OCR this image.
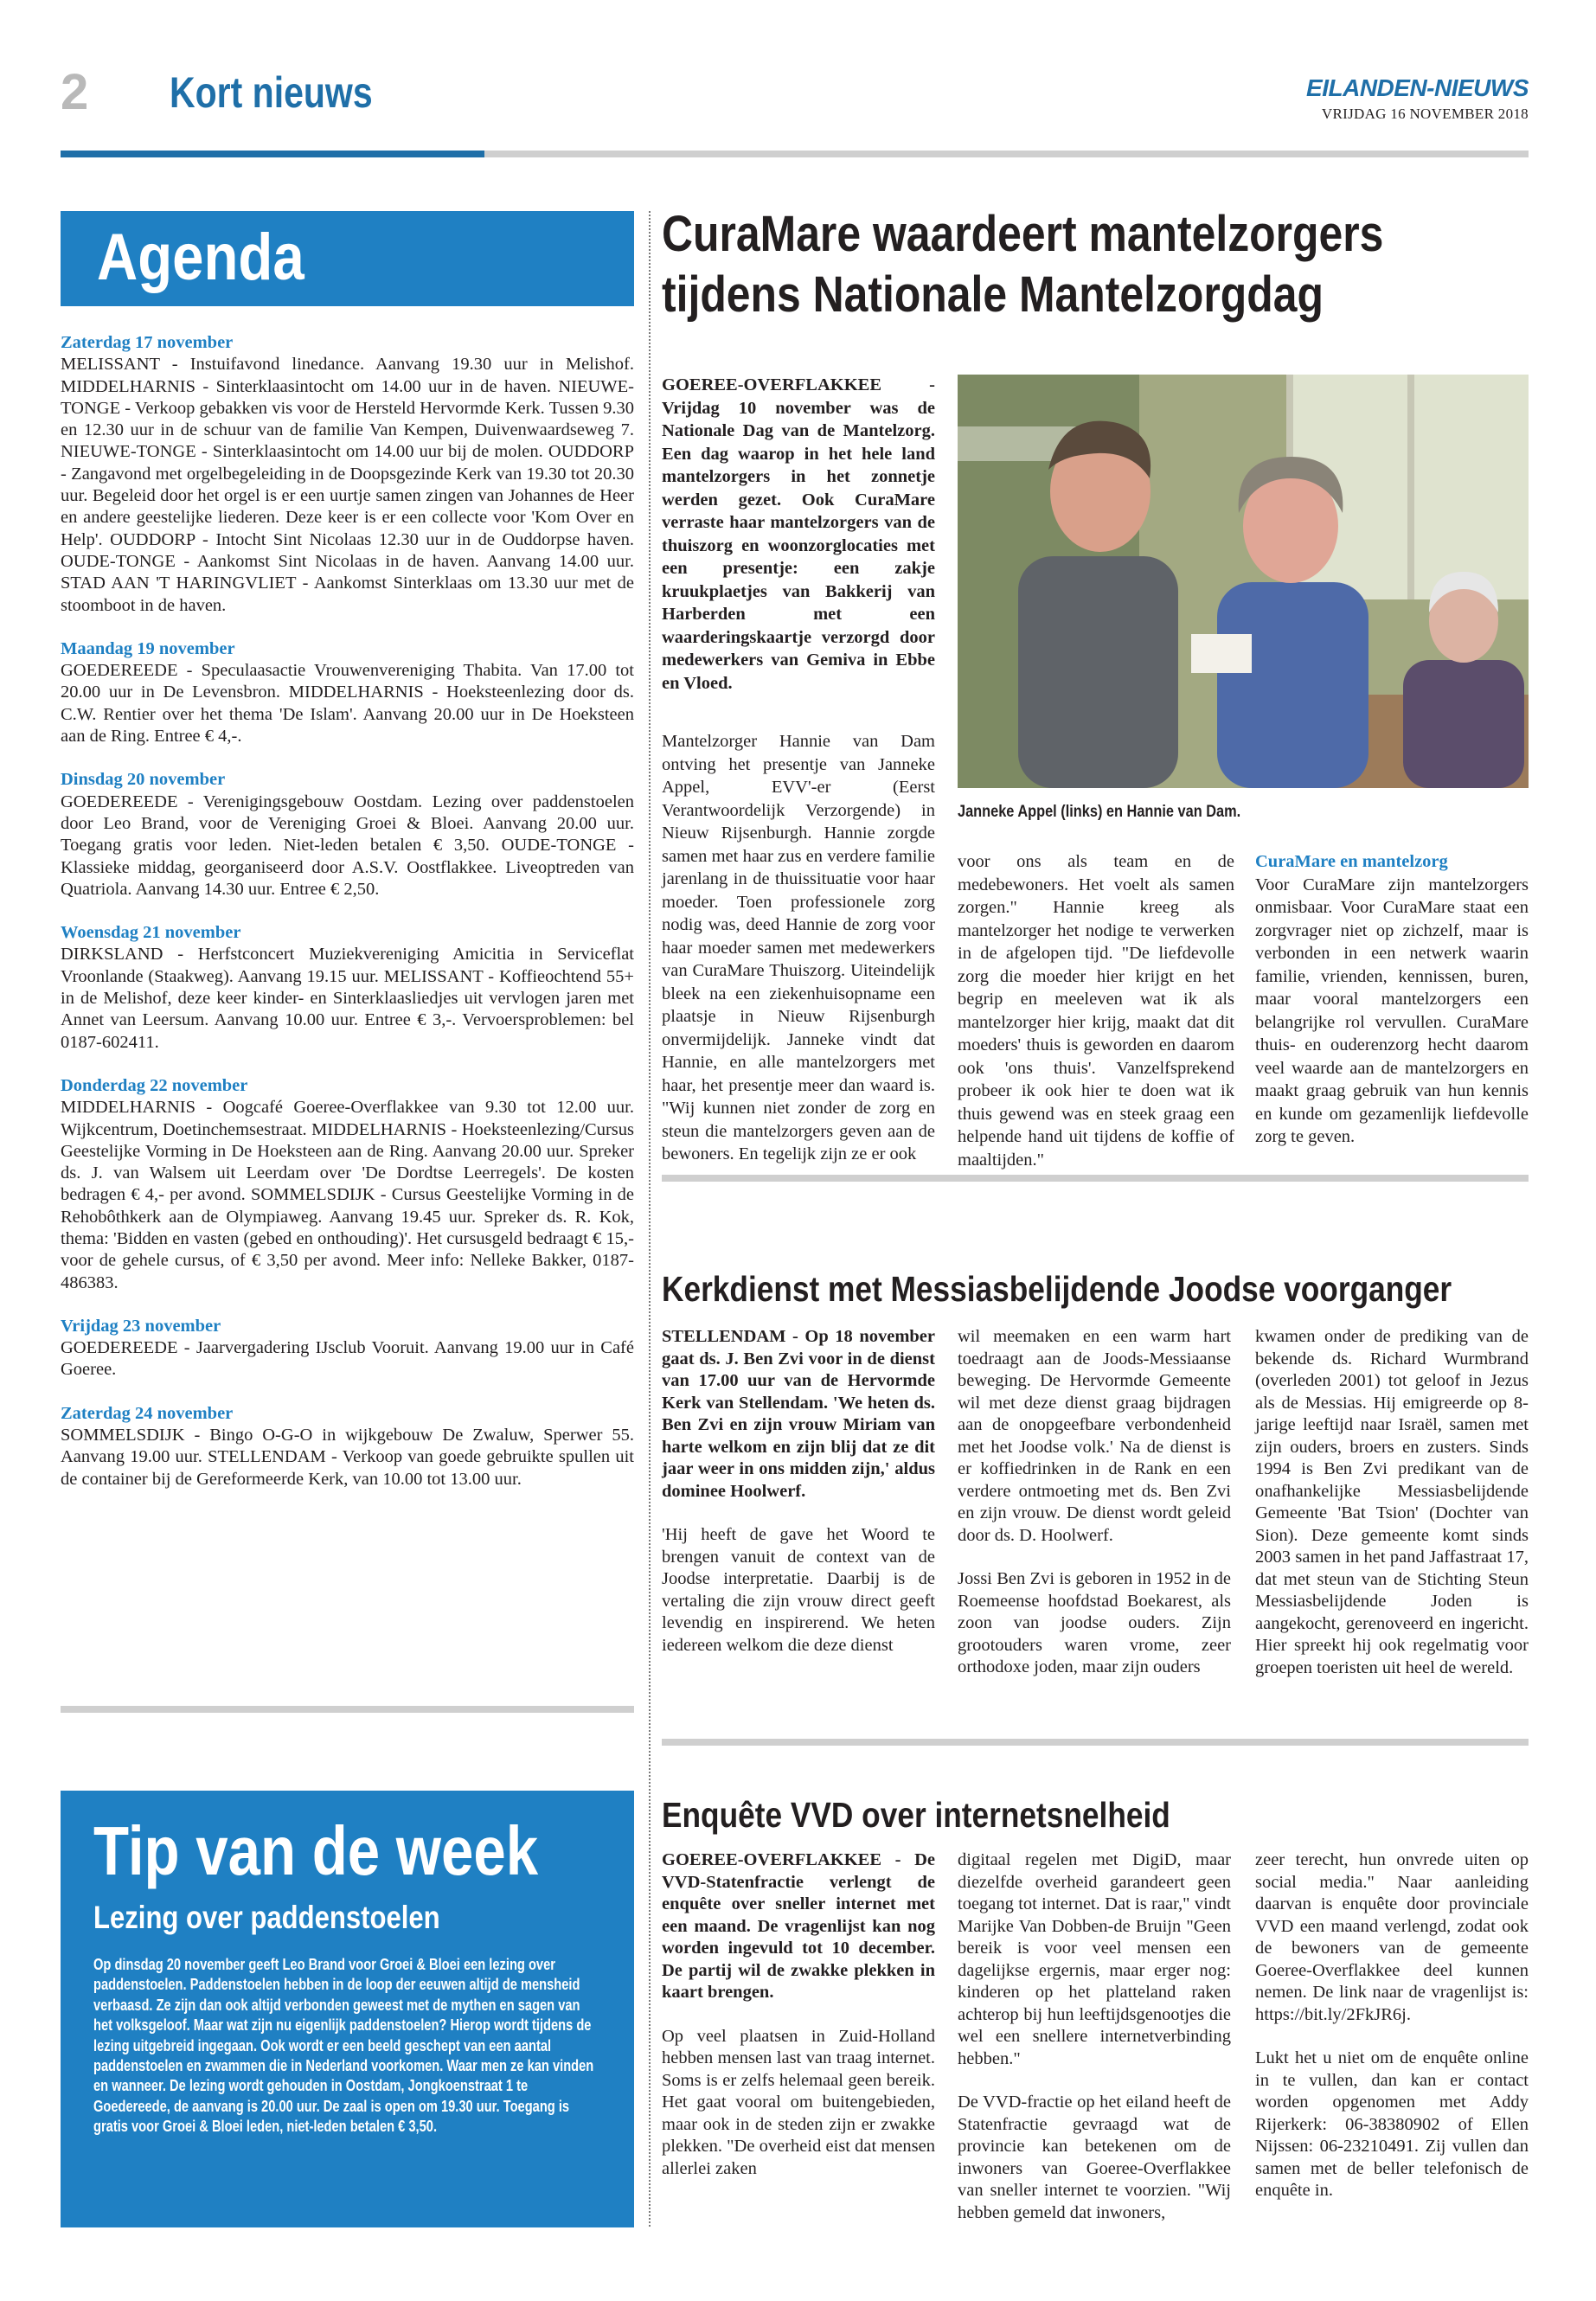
2 Kort nieuws	EILANDEN-NIEUWS
VRIJDAG 16 NOVEMBER 2018
Agenda
Zaterdag 17 november
MELISSANT - Instuifavond linedance. Aanvang 19.30 uur in Melishof. MIDDELHARNIS - Sinterklaasintocht om 14.00 uur in de haven. NIEUWE-TONGE - Verkoop gebakken vis voor de Hersteld Hervormde Kerk. Tussen 9.30 en 12.30 uur in de schuur van de familie Van Kempen, Duivenwaardseweg 7. NIEUWE-TONGE - Sinterklaasintocht om 14.00 uur bij de molen. OUDDORP - Zangavond met orgelbegeleiding in de Doopsgezinde Kerk van 19.30 tot 20.30 uur. Begeleid door het orgel is er een uurtje samen zingen van Johannes de Heer en andere geestelijke liederen. Deze keer is er een collecte voor 'Kom Over en Help'. OUDDORP - Intocht Sint Nicolaas 12.30 uur in de Ouddorpse haven. OUDE-TONGE - Aankomst Sint Nicolaas in de haven. Aanvang 14.00 uur. STAD AAN 'T HARINGVLIET - Aankomst Sinterklaas om 13.30 uur met de stoomboot in de haven.
Maandag 19 november
GOEDEREEDE - Speculaasactie Vrouwenvereniging Thabita. Van 17.00 tot 20.00 uur in De Levensbron. MIDDELHARNIS - Hoeksteenlezing door ds. C.W. Rentier over het thema 'De Islam'. Aanvang 20.00 uur in De Hoeksteen aan de Ring. Entree € 4,-.
Dinsdag 20 november
GOEDEREEDE - Verenigingsgebouw Oostdam. Lezing over paddenstoelen door Leo Brand, voor de Vereniging Groei & Bloei. Aanvang 20.00 uur. Toegang gratis voor leden. Niet-leden betalen € 3,50. OUDE-TONGE - Klassieke middag, georganiseerd door A.S.V. Oostflakkee. Liveoptreden van Quatriola. Aanvang 14.30 uur. Entree € 2,50.
Woensdag 21 november
DIRKSLAND - Herfstconcert Muziekvereniging Amicitia in Serviceflat Vroonlande (Staakweg). Aanvang 19.15 uur. MELISSANT - Koffieochtend 55+ in de Melishof, deze keer kinder- en Sinterklaasliedjes uit vervlogen jaren met Annet van Leersum. Aanvang 10.00 uur. Entree € 3,-. Vervoersproblemen: bel 0187-602411.
Donderdag 22 november
MIDDELHARNIS - Oogcafé Goeree-Overflakkee van 9.30 tot 12.00 uur. Wijkcentrum, Doetinchemsestraat. MIDDELHARNIS - Hoeksteenlezing/Cursus Geestelijke Vorming in De Hoeksteen aan de Ring. Aanvang 20.00 uur. Spreker ds. J. van Walsem uit Leerdam over 'De Dordtse Leerregels'. De kosten bedragen € 4,- per avond. SOMMELSDIJK - Cursus Geestelijke Vorming in de Rehobôthkerk aan de Olympiaweg. Aanvang 19.45 uur. Spreker ds. R. Kok, thema: 'Bidden en vasten (gebed en onthouding)'. Het cursusgeld bedraagt € 15,- voor de gehele cursus, of € 3,50 per avond. Meer info: Nelleke Bakker, 0187-486383.
Vrijdag 23 november
GOEDEREEDE - Jaarvergadering IJsclub Vooruit. Aanvang 19.00 uur in Café Goeree.
Zaterdag 24 november
SOMMELSDIJK - Bingo O-G-O in wijkgebouw De Zwaluw, Sperwer 55. Aanvang 19.00 uur. STELLENDAM - Verkoop van goede gebruikte spullen uit de container bij de Gereformeerde Kerk, van 10.00 tot 13.00 uur.
Tip van de week
Lezing over paddenstoelen
Op dinsdag 20 november geeft Leo Brand voor Groei & Bloei een lezing over paddenstoelen. Paddenstoelen hebben in de loop der eeuwen altijd de mensheid verbaasd. Ze zijn dan ook altijd verbonden geweest met de mythen en sagen van het volksgeloof. Maar wat zijn nu eigenlijk paddenstoelen? Hierop wordt tijdens de lezing uitgebreid ingegaan. Ook wordt er een beeld geschept van een aantal paddenstoelen en zwammen die in Nederland voorkomen. Waar men ze kan vinden en wanneer. De lezing wordt gehouden in Oostdam, Jongkoenstraat 1 te Goedereede, de aanvang is 20.00 uur. De zaal is open om 19.30 uur. Toegang is gratis voor Groei & Bloei leden, niet-leden betalen € 3,50.
CuraMare waardeert mantelzorgers tijdens Nationale Mantelzorgdag
GOEREE-OVERFLAKKEE - Vrijdag 10 november was de Nationale Dag van de Mantelzorg. Een dag waarop in het hele land mantelzorgers in het zonnetje werden gezet. Ook CuraMare verraste haar mantelzorgers van de thuiszorg en woonzorglocaties met een presentje: een zakje kruukplaetjes van Bakkerij van Harberden met een waarderingskaartje verzorgd door medewerkers van Gemiva in Ebbe en Vloed.
Mantelzorger Hannie van Dam ontving het presentje van Janneke Appel, EVV'-er (Eerst Verantwoordelijk Verzorgende) in Nieuw Rijsenburgh. Hannie zorgde samen met haar zus en verdere familie jarenlang in de thuissituatie voor haar moeder. Toen professionele zorg nodig was, deed Hannie de zorg voor haar moeder samen met medewerkers van CuraMare Thuiszorg. Uiteindelijk bleek na een ziekenhuisopname een plaatsje in Nieuw Rijsenburgh onvermijdelijk. Janneke vindt dat Hannie, en alle mantelzorgers met haar, het presentje meer dan waard is. "Wij kunnen niet zonder de zorg en steun die mantelzorgers geven aan de bewoners. En tegelijk zijn ze er ook
Janneke Appel (links) en Hannie van Dam.
voor ons als team en de medebewoners. Het voelt als samen zorgen." Hannie kreeg als mantelzorger het nodige te verwerken in de afgelopen tijd. "De liefdevolle zorg die moeder hier krijgt en het begrip en meeleven wat ik als mantelzorger hier krijg, maakt dat dit moeders' thuis is geworden en daarom ook 'ons thuis'. Vanzelfsprekend probeer ik ook hier te doen wat ik thuis gewend was en steek graag een helpende hand uit tijdens de koffie of maaltijden."
CuraMare en mantelzorg
Voor CuraMare zijn mantelzorgers onmisbaar. Voor CuraMare staat een zorgvrager niet op zichzelf, maar is verbonden in een netwerk waarin familie, vrienden, kennissen, buren, maar vooral mantelzorgers een belangrijke rol vervullen. CuraMare thuis- en ouderenzorg hecht daarom veel waarde aan de mantelzorgers en maakt graag gebruik van hun kennis en kunde om gezamenlijk liefdevolle zorg te geven.
Kerkdienst met Messiasbelijdende Joodse voorganger
STELLENDAM - Op 18 november gaat ds. J. Ben Zvi voor in de dienst van 17.00 uur van de Hervormde Kerk van Stellendam. 'We heten ds. Ben Zvi en zijn vrouw Miriam van harte welkom en zijn blij dat ze dit jaar weer in ons midden zijn,' aldus dominee Hoolwerf.
'Hij heeft de gave het Woord te brengen vanuit de context van de Joodse interpretatie. Daarbij is de vertaling die zijn vrouw direct geeft levendig en inspirerend. We heten iedereen welkom die deze dienst
wil meemaken en een warm hart toedraagt aan de Joods-Messiaanse beweging. De Hervormde Gemeente wil met deze dienst graag bijdragen aan de onopgeefbare verbondenheid met het Joodse volk.' Na de dienst is er koffiedrinken in de Rank en een verdere ontmoeting met ds. Ben Zvi en zijn vrouw. De dienst wordt geleid door ds. D. Hoolwerf.
Jossi Ben Zvi is geboren in 1952 in de Roemeense hoofdstad Boekarest, als zoon van joodse ouders. Zijn grootouders waren vrome, zeer orthodoxe joden, maar zijn ouders
kwamen onder de prediking van de bekende ds. Richard Wurmbrand (overleden 2001) tot geloof in Jezus als de Messias. Hij emigreerde op 8-jarige leeftijd naar Israël, samen met zijn ouders, broers en zusters. Sinds 1994 is Ben Zvi predikant van de onafhankelijke Messiasbelijdende Gemeente 'Bat Tsion' (Dochter van Sion). Deze gemeente komt sinds 2003 samen in het pand Jaffastraat 17, dat met steun van de Stichting Steun Messiasbelijdende Joden is aangekocht, gerenoveerd en ingericht. Hier spreekt hij ook regelmatig voor groepen toeristen uit heel de wereld.
Enquête VVD over internetsnelheid
GOEREE-OVERFLAKKEE - De VVD-Statenfractie verlengt de enquête over sneller internet met een maand. De vragenlijst kan nog worden ingevuld tot 10 december. De partij wil de zwakke plekken in kaart brengen.
Op veel plaatsen in Zuid-Holland hebben mensen last van traag internet. Soms is er zelfs helemaal geen bereik. Het gaat vooral om buitengebieden, maar ook in de steden zijn er zwakke plekken. "De overheid eist dat mensen allerlei zaken
digitaal regelen met DigiD, maar diezelfde overheid garandeert geen toegang tot internet. Dat is raar," vindt Marijke Van Dobben-de Bruijn "Geen bereik is voor veel mensen een dagelijkse ergernis, maar erger nog: kinderen op het platteland raken achterop bij hun leeftijdsgenootjes die wel een snellere internetverbinding hebben."
De VVD-fractie op het eiland heeft de Statenfractie gevraagd wat de provincie kan betekenen om de inwoners van Goeree-Overflakkee van sneller internet te voorzien. "Wij hebben gemeld dat inwoners,
zeer terecht, hun onvrede uiten op social media." Naar aanleiding daarvan is enquête door provinciale VVD een maand verlengd, zodat ook de bewoners van de gemeente Goeree-Overflakkee deel kunnen nemen. De link naar de vragenlijst is: https://bit.ly/2FkJR6j.
Lukt het u niet om de enquête online in te vullen, dan kan er contact worden opgenomen met Addy Rijerkerk: 06-38380902 of Ellen Nijssen: 06-23210491. Zij vullen dan samen met de beller telefonisch de enquête in.
